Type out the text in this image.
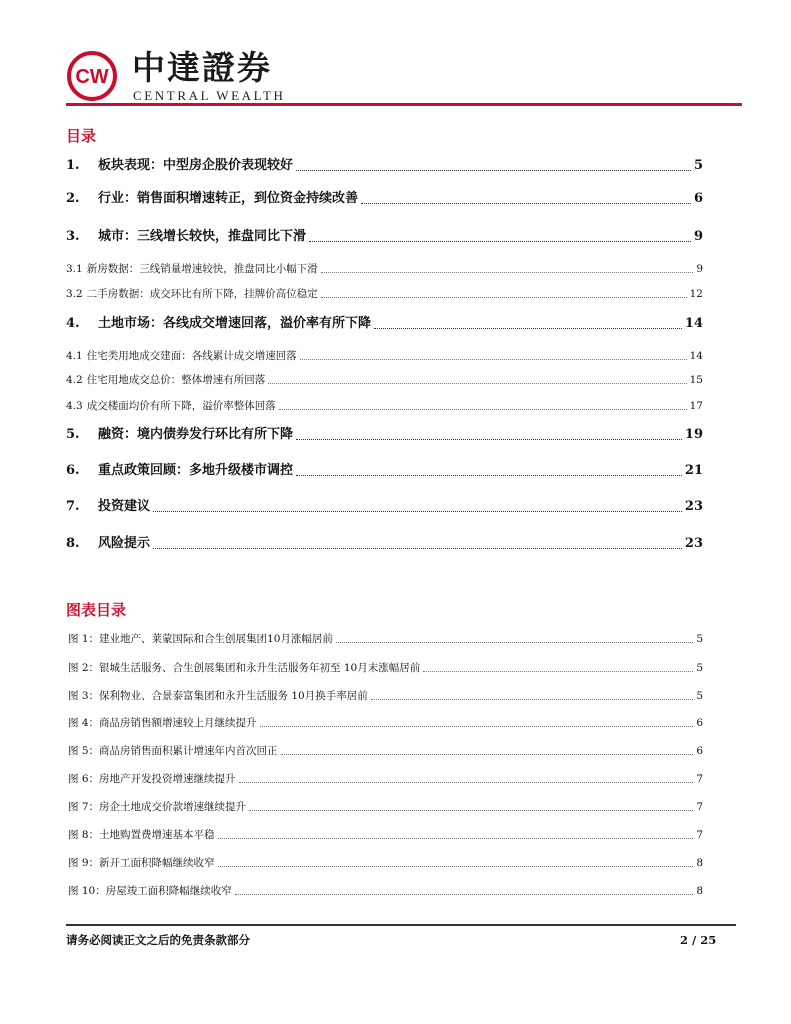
CW 中達證券
CENTRAL WEALTH
目录
1.	板块表现：中型房企股价表现较好	5
2.	行业：销售面积增速转正，到位资金持续改善	6
3.	城市：三线增长较快，推盘同比下滑	9
3.1 新房数据：三线销量增速较快，推盘同比小幅下滑	9
3.2 二手房数据：成交环比有所下降，挂牌价高位稳定	12
4.	土地市场：各线成交增速回落，溢价率有所下降	14
4.1 住宅类用地成交建面：各线累计成交增速回落	14
4.2 住宅用地成交总价：整体增速有所回落	15
4.3 成交楼面均价有所下降，溢价率整体回落	17
5.	融资：境内债券发行环比有所下降	19
6.	重点政策回顾：多地升级楼市调控	21
7.	投资建议	23
8.	风险提示	23
图表目录
图 1： 建业地产、莱蒙国际和合生创展集团10月涨幅居前	5
图 2： 银城生活服务、合生创展集团和永升生活服务年初至 10月末涨幅居前	5
图 3： 保利物业、合景泰富集团和永升生活服务 10月换手率居前	5
图 4： 商品房销售额增速较上月继续提升	6
图 5： 商品房销售面积累计增速年内首次回正	6
图 6： 房地产开发投资增速继续提升	7
图 7： 房企土地成交价款增速继续提升	7
图 8： 土地购置费增速基本平稳	7
图 9： 新开工面积降幅继续收窄	8
图 10： 房屋竣工面积降幅继续收窄	8
请务必阅读正文之后的免责条款部分	2 / 25
